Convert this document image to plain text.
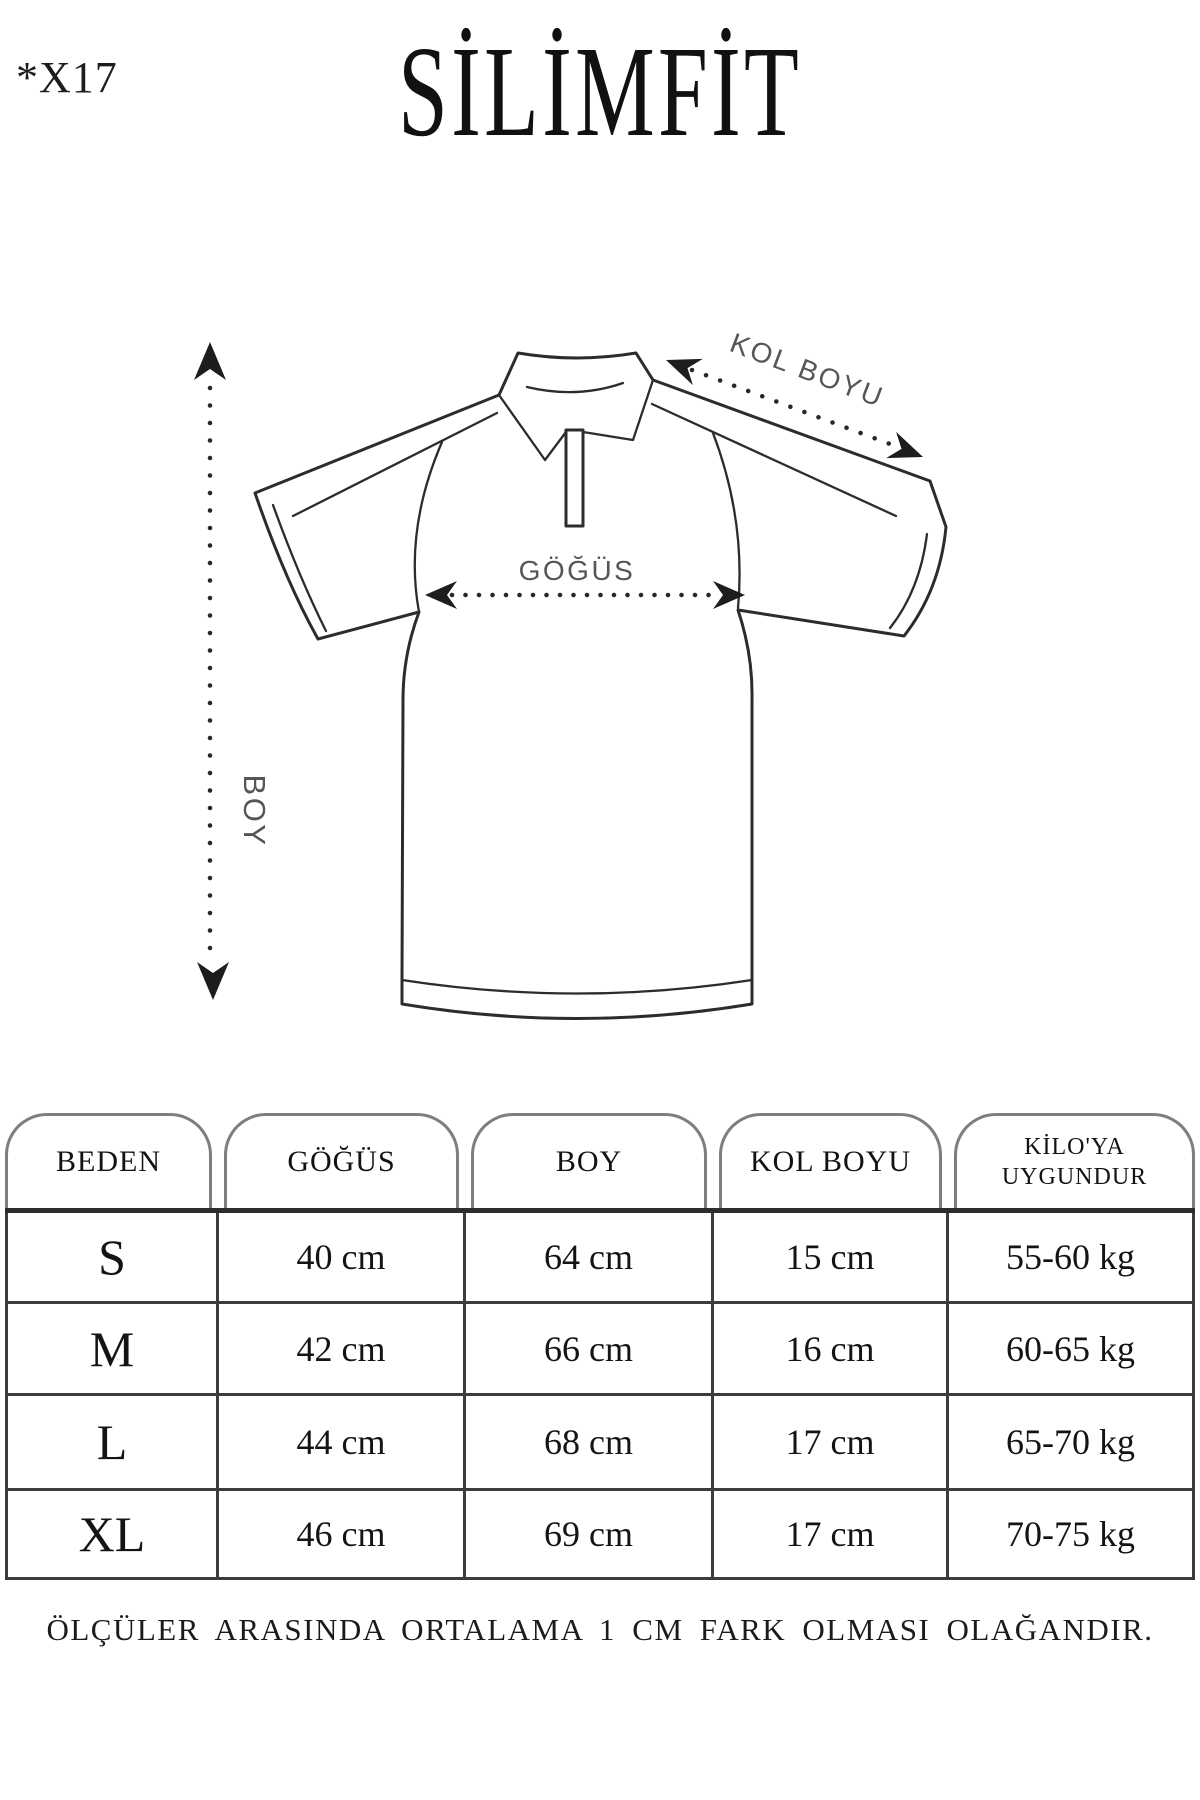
*X17	SİLİMFİT
BOY
GÖĞÜS
KOL BOYU
BEDEN	GÖĞÜS	BOY	KOL BOYU	KİLO'YA UYGUNDUR
S	40 cm	64 cm	15 cm	55-60 kg
M	42 cm	66 cm	16 cm	60-65 kg
L	44 cm	68 cm	17 cm	65-70 kg
XL	46 cm	69 cm	17 cm	70-75 kg
ÖLÇÜLER ARASINDA ORTALAMA 1 CM FARK OLMASI OLAĞANDIR.
